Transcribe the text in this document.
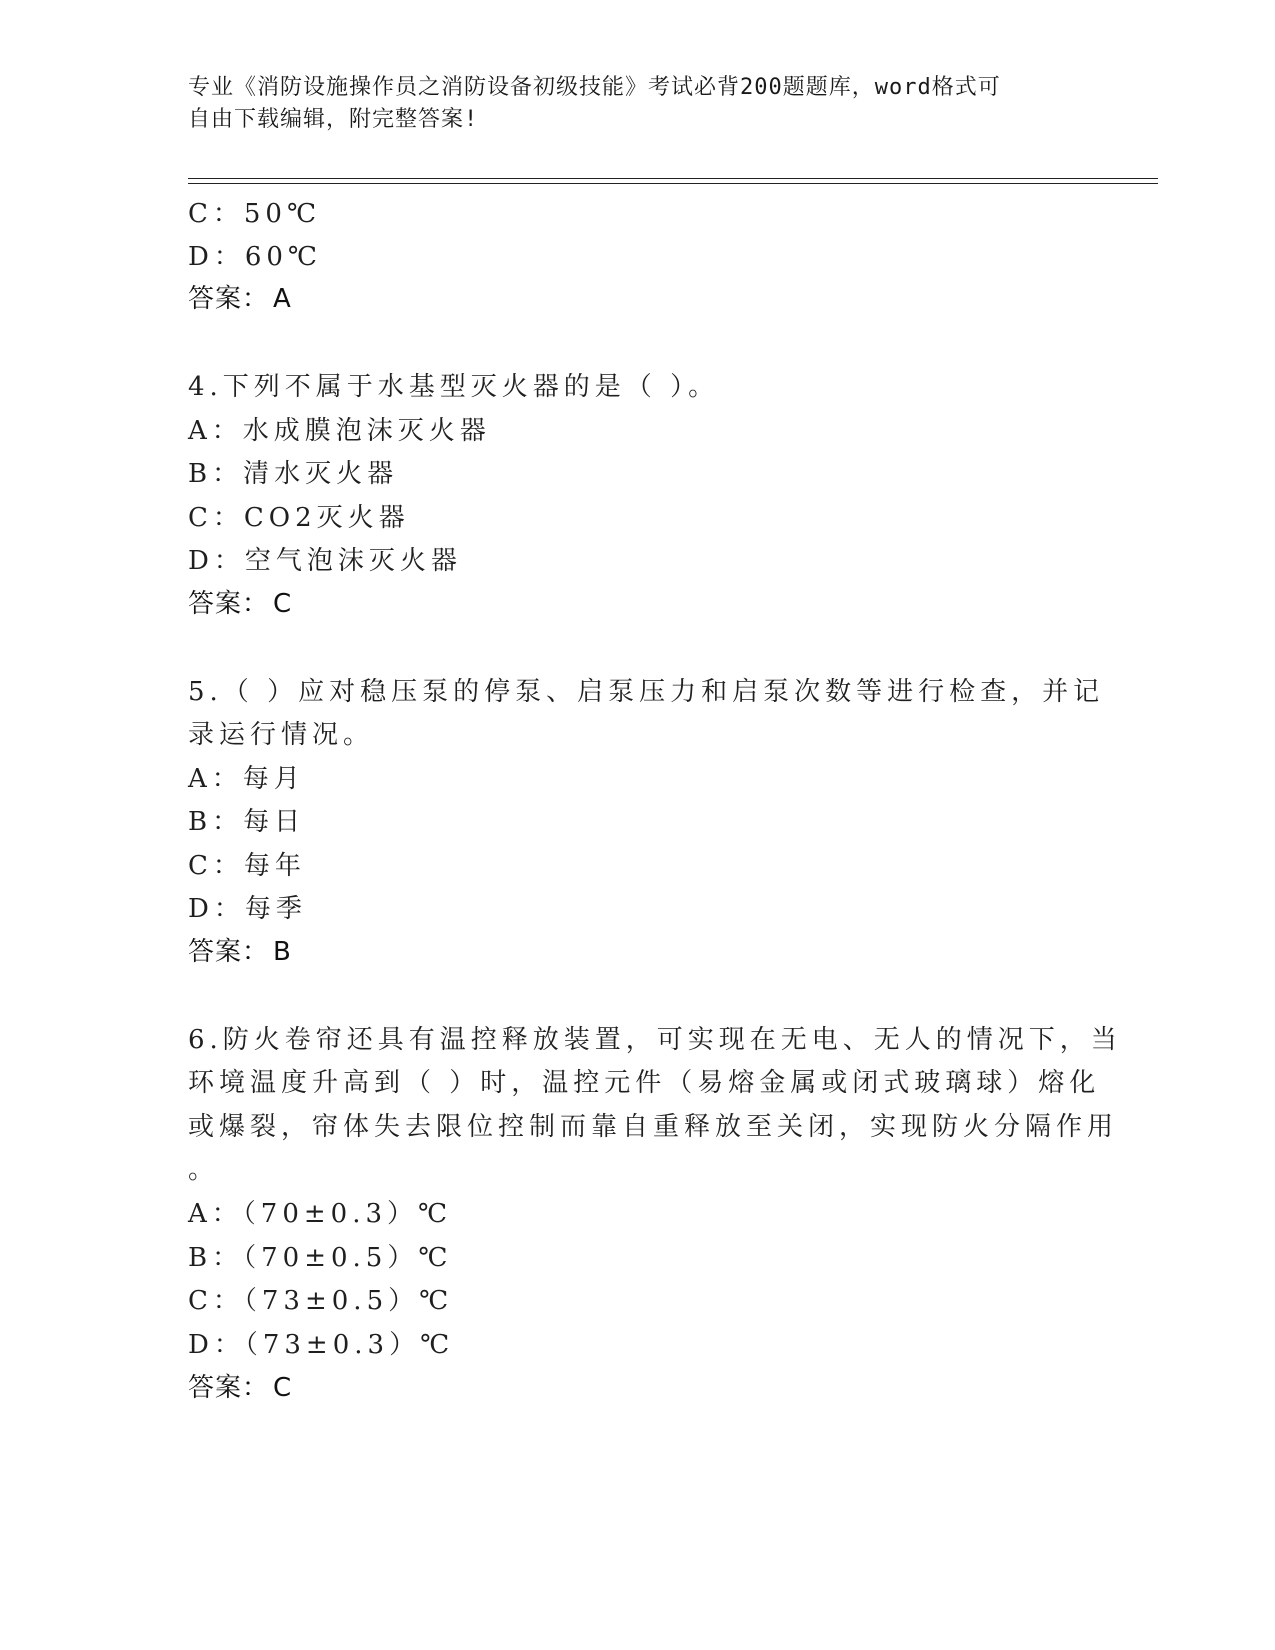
专业《消防设施操作员之消防设备初级技能》考试必背200题题库，word格式可
自由下载编辑，附完整答案!
C：50℃
D：60℃
答案： A
4.下列不属于水基型灭火器的是（ ）。
A：水成膜泡沫灭火器
B：清水灭火器
C：CO2灭火器
D：空气泡沫灭火器
答案： C
5.（ ）应对稳压泵的停泵、启泵压力和启泵次数等进行检查，并记
录运行情况。
A：每月
B：每日
C：每年
D：每季
答案： B
6.防火卷帘还具有温控释放装置，可实现在无电、无人的情况下，当
环境温度升高到（ ）时，温控元件（易熔金属或闭式玻璃球）熔化
或爆裂，帘体失去限位控制而靠自重释放至关闭，实现防火分隔作用
。
A：（70±0.3）℃
B：（70±0.5）℃
C：（73±0.5）℃
D：（73±0.3）℃
答案： C
